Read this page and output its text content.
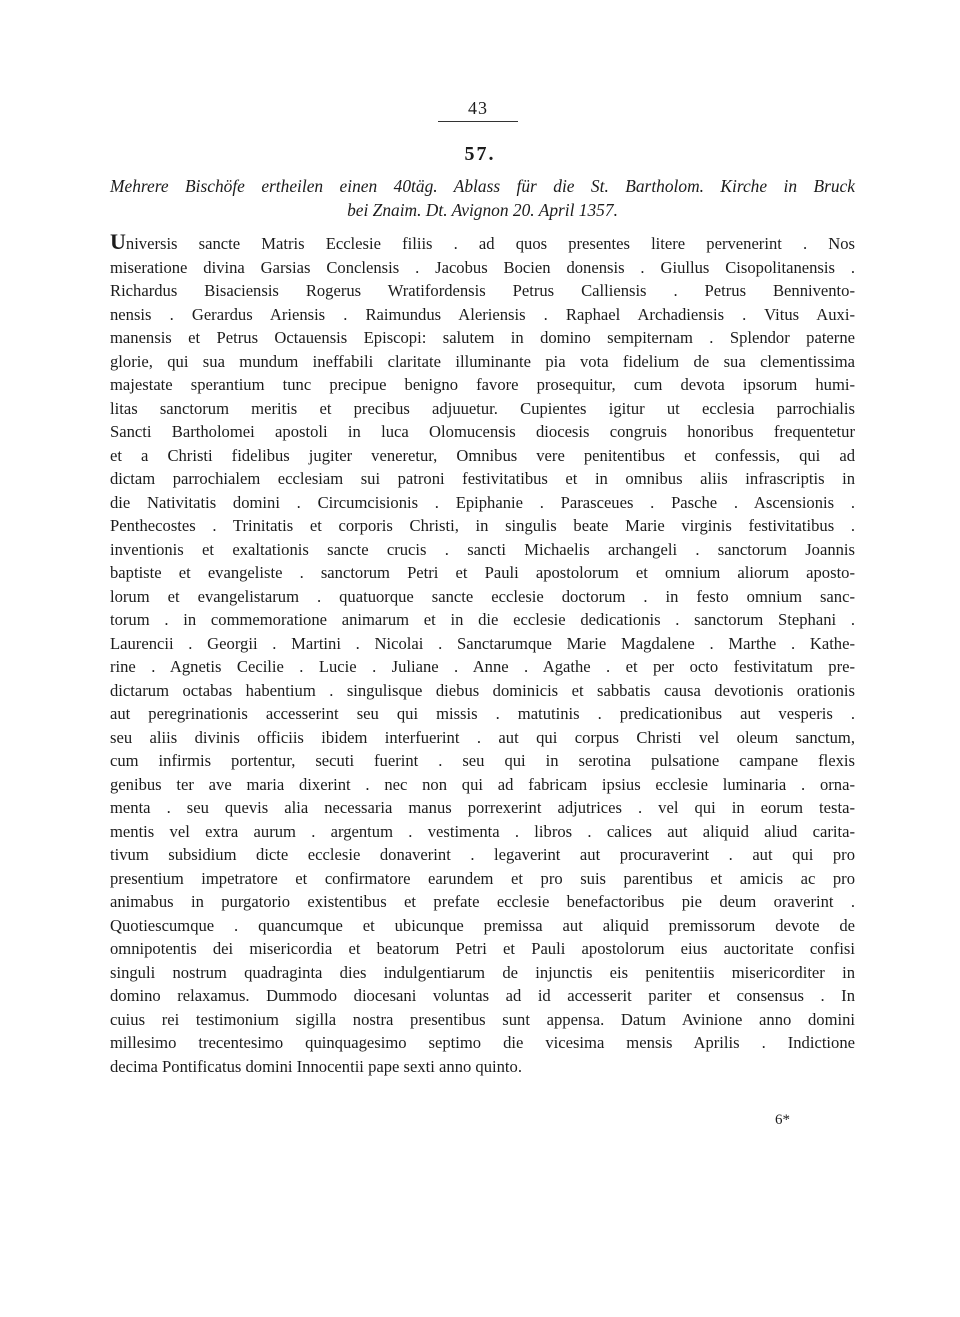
43
57.
Mehrere Bischöfe ertheilen einen 40täg. Ablass für die St. Bartholom. Kirche in Bruck
bei Znaim. Dt. Avignon 20. April 1357.
Universis sancte Matris Ecclesie filiis . ad quos presentes litere pervenerint . Nos
miseratione divina Garsias Conclensis . Jacobus Bocien donensis . Giullus Cisopolitanensis .
Richardus Bisaciensis Rogerus Wratifordensis Petrus Calliensis . Petrus Bennivento-
nensis . Gerardus Ariensis . Raimundus Aleriensis . Raphael Archadiensis . Vitus Auxi-
manensis et Petrus Octauensis Episcopi: salutem in domino sempiternam . Splendor paterne
glorie, qui sua mundum ineffabili claritate illuminante pia vota fidelium de sua clementissima
majestate sperantium tunc precipue benigno favore prosequitur, cum devota ipsorum humi-
litas sanctorum meritis et precibus adjuuetur. Cupientes igitur ut ecclesia parrochialis
Sancti Bartholomei apostoli in luca Olomucensis diocesis congruis honoribus frequentetur
et a Christi fidelibus jugiter veneretur, Omnibus vere penitentibus et confessis, qui ad
dictam parrochialem ecclesiam sui patroni festivitatibus et in omnibus aliis infrascriptis in
die Nativitatis domini . Circumcisionis . Epiphanie . Parasceues . Pasche . Ascensionis .
Penthecostes . Trinitatis et corporis Christi, in singulis beate Marie virginis festivitatibus .
inventionis et exaltationis sancte crucis . sancti Michaelis archangeli . sanctorum Joannis
baptiste et evangeliste . sanctorum Petri et Pauli apostolorum et omnium aliorum aposto-
lorum et evangelistarum . quatuorque sancte ecclesie doctorum . in festo omnium sanc-
torum . in commemoratione animarum et in die ecclesie dedicationis . sanctorum Stephani .
Laurencii . Georgii . Martini . Nicolai . Sanctarumque Marie Magdalene . Marthe . Kathe-
rine . Agnetis Cecilie . Lucie . Juliane . Anne . Agathe . et per octo festivitatum pre-
dictarum octabas habentium . singulisque diebus dominicis et sabbatis causa devotionis orationis
aut peregrinationis accesserint seu qui missis . matutinis . predicationibus aut vesperis .
seu aliis divinis officiis ibidem interfuerint . aut qui corpus Christi vel oleum sanctum,
cum infirmis portentur, secuti fuerint . seu qui in serotina pulsatione campane flexis
genibus ter ave maria dixerint . nec non qui ad fabricam ipsius ecclesie luminaria . orna-
menta . seu quevis alia necessaria manus porrexerint adjutrices . vel qui in eorum testa-
mentis vel extra aurum . argentum . vestimenta . libros . calices aut aliquid aliud carita-
tivum subsidium dicte ecclesie donaverint . legaverint aut procuraverint . aut qui pro
presentium impetratore et confirmatore earundem et pro suis parentibus et amicis ac pro
animabus in purgatorio existentibus et prefate ecclesie benefactoribus pie deum oraverint .
Quotiescumque . quancumque et ubicunque premissa aut aliquid premissorum devote de
omnipotentis dei misericordia et beatorum Petri et Pauli apostolorum eius auctoritate confisi
singuli nostrum quadraginta dies indulgentiarum de injunctis eis penitentiis misericorditer in
domino relaxamus. Dummodo diocesani voluntas ad id accesserit pariter et consensus . In
cuius rei testimonium sigilla nostra presentibus sunt appensa. Datum Avinione anno domini
millesimo trecentesimo quinquagesimo septimo die vicesima mensis Aprilis . Indictione
decima Pontificatus domini Innocentii pape sexti anno quinto.
6*
